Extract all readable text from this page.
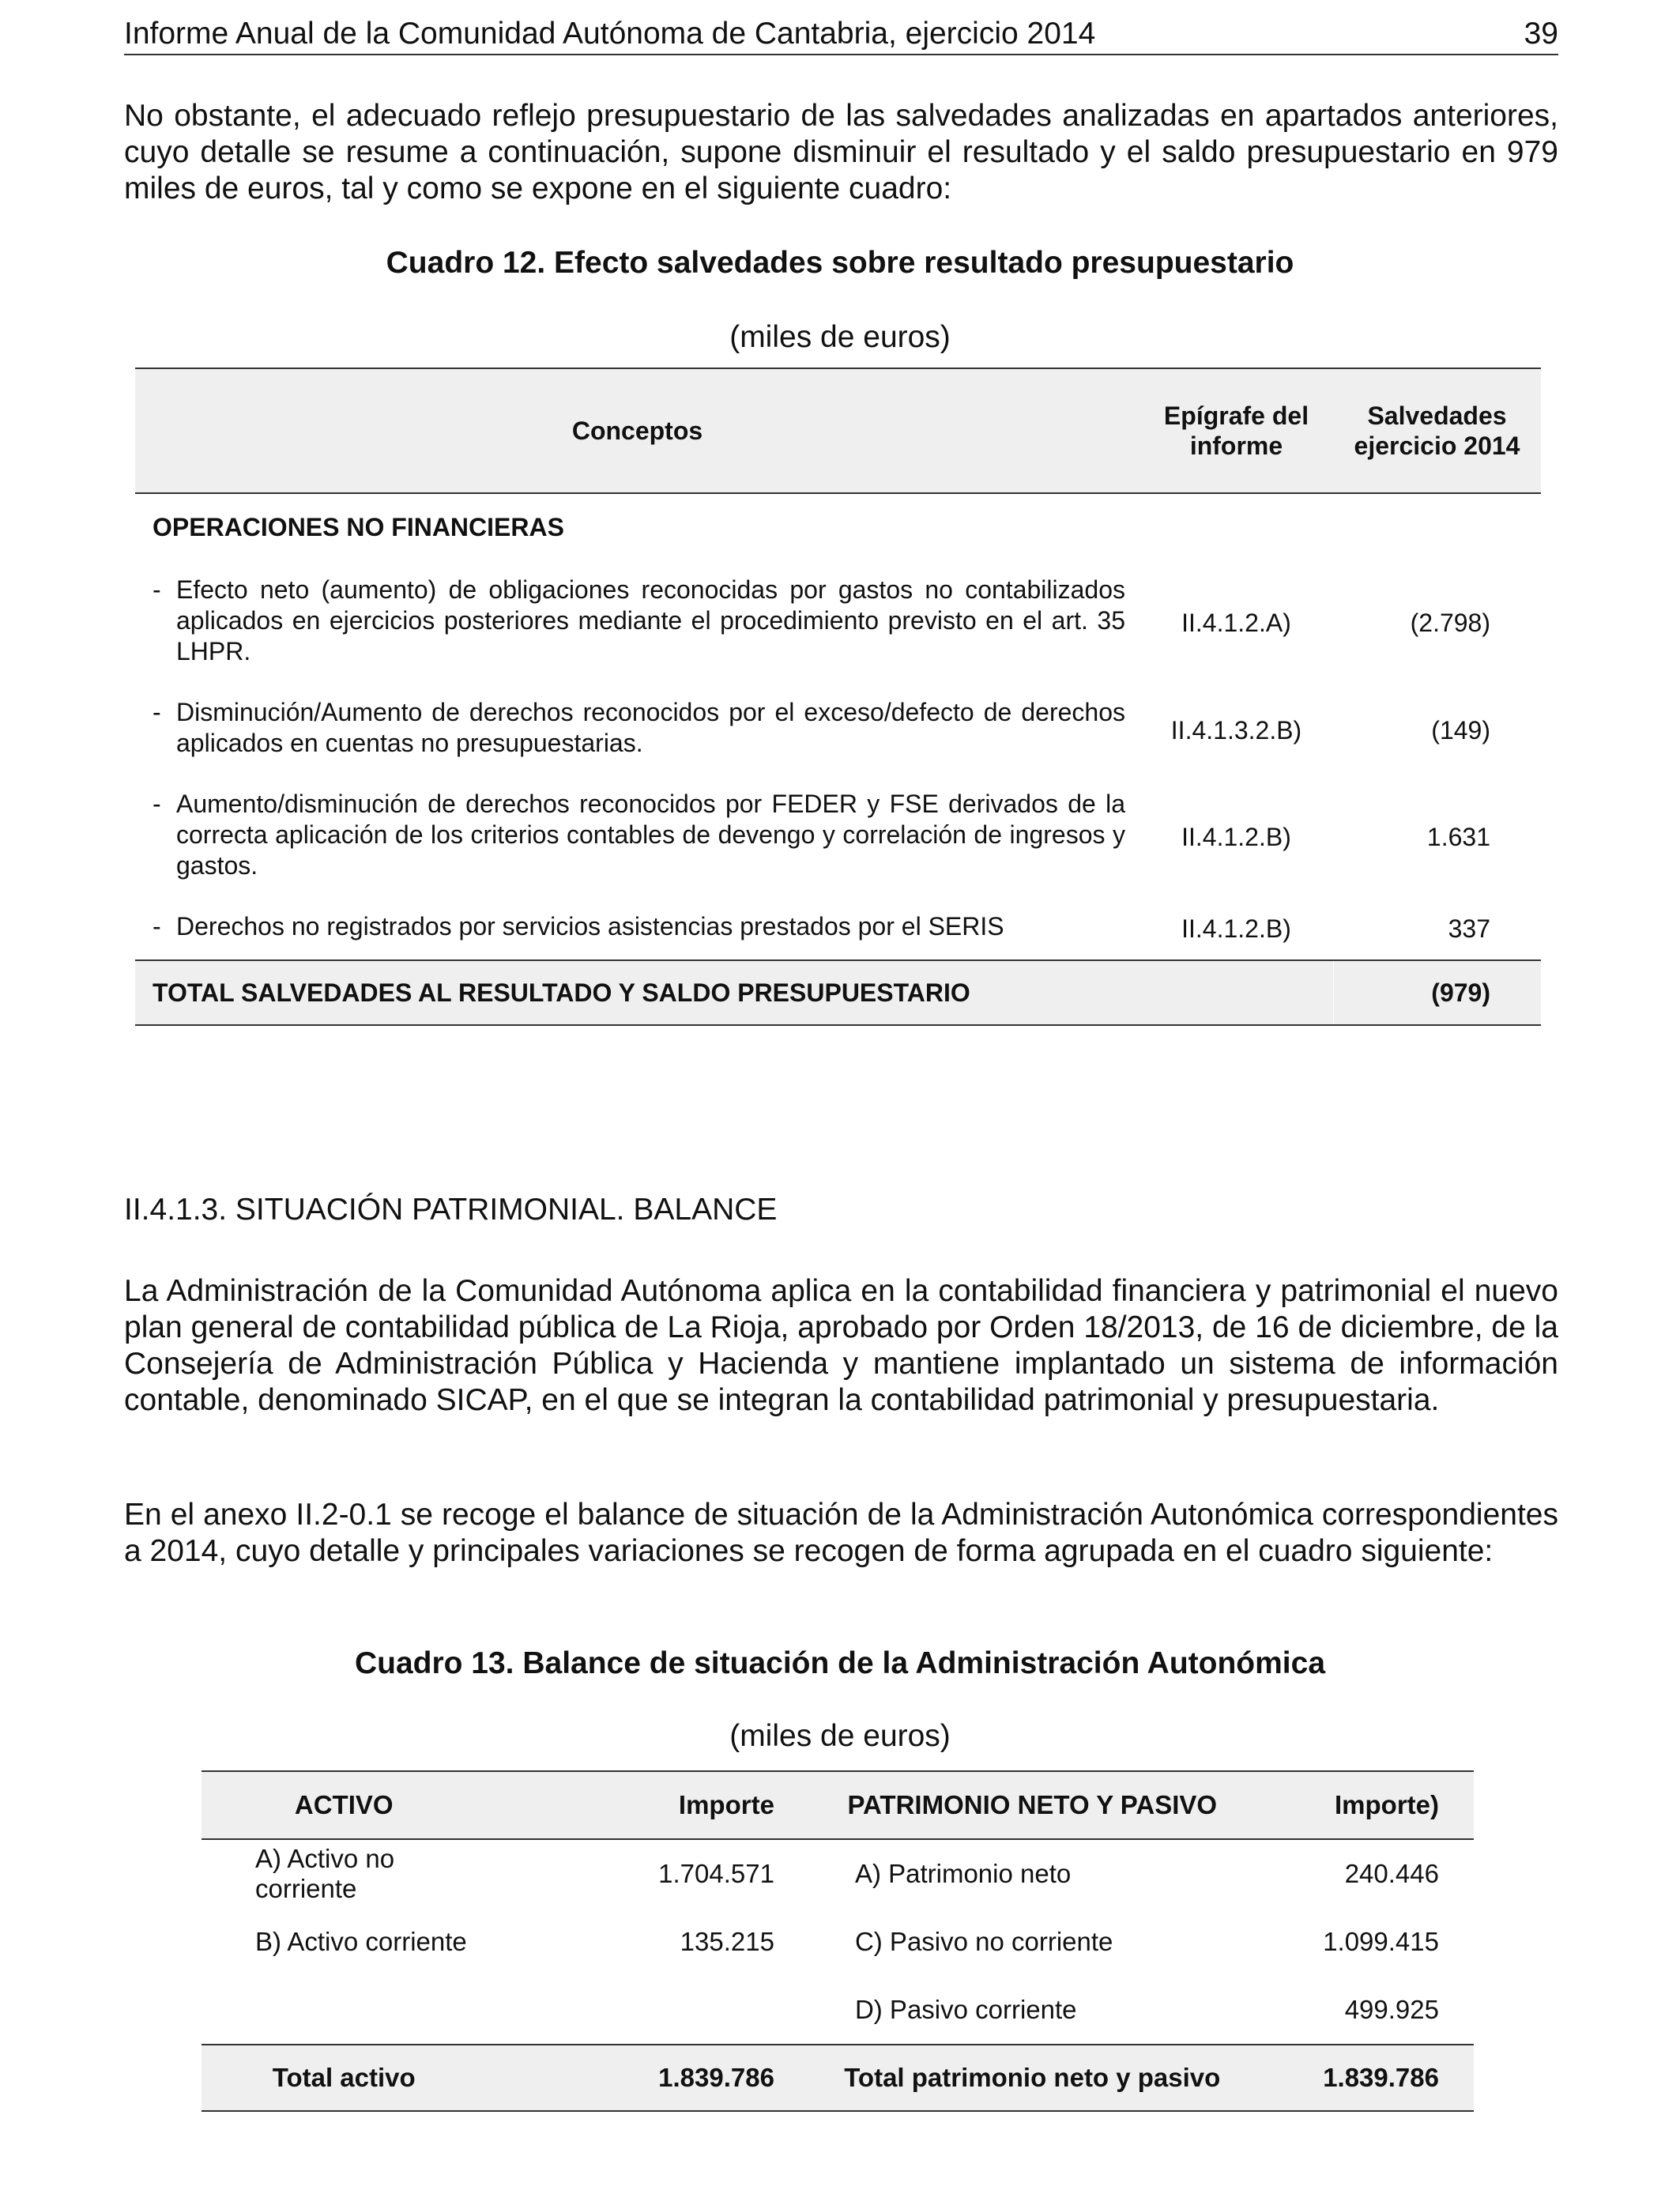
Informe Anual de la Comunidad Autónoma de Cantabria, ejercicio 2014	39

No obstante, el adecuado reflejo presupuestario de las salvedades analizadas en apartados anteriores, cuyo detalle se resume a continuación, supone disminuir el resultado y el saldo presupuestario en 979 miles de euros, tal y como se expone en el siguiente cuadro:

Cuadro 12. Efecto salvedades sobre resultado presupuestario

(miles de euros)

Conceptos	Epígrafe del informe	Salvedades ejercicio 2014
OPERACIONES NO FINANCIERAS		

- Efecto neto (aumento) de obligaciones reconocidas por gastos no contabilizados aplicados en ejercicios posteriores mediante el procedimiento previsto en el art. 35 LHPR.	II.4.1.2.A)	(2.798)

- Disminución/Aumento de derechos reconocidos por el exceso/defecto de derechos aplicados en cuentas no presupuestarias.	II.4.1.3.2.B)	(149)

- Aumento/disminución de derechos reconocidos por FEDER y FSE derivados de la correcta aplicación de los criterios contables de devengo y correlación de ingresos y gastos.	II.4.1.2.B)	1.631

- Derechos no registrados por servicios asistencias prestados por el SERIS	II.4.1.2.B)	337
TOTAL SALVEDADES AL RESULTADO Y SALDO PRESUPUESTARIO		(979)

II.4.1.3. SITUACIÓN PATRIMONIAL. BALANCE

La Administración de la Comunidad Autónoma aplica en la contabilidad financiera y patrimonial el nuevo plan general de contabilidad pública de La Rioja, aprobado por Orden 18/2013, de 16 de diciembre, de la Consejería de Administración Pública y Hacienda y mantiene implantado un sistema de información contable, denominado SICAP, en el que se integran la contabilidad patrimonial y presupuestaria.

En el anexo II.2-0.1 se recoge el balance de situación de la Administración Autonómica correspondientes a 2014, cuyo detalle y principales variaciones se recogen de forma agrupada en el cuadro siguiente:

Cuadro 13. Balance de situación de la Administración Autonómica

(miles de euros)

ACTIVO	Importe	PATRIMONIO NETO Y PASIVO	Importe)
A) Activo no corriente	1.704.571	A) Patrimonio neto	240.446
B) Activo corriente	135.215	C) Pasivo no corriente	1.099.415
		D) Pasivo corriente	499.925
Total activo	1.839.786	Total patrimonio neto y pasivo	1.839.786
